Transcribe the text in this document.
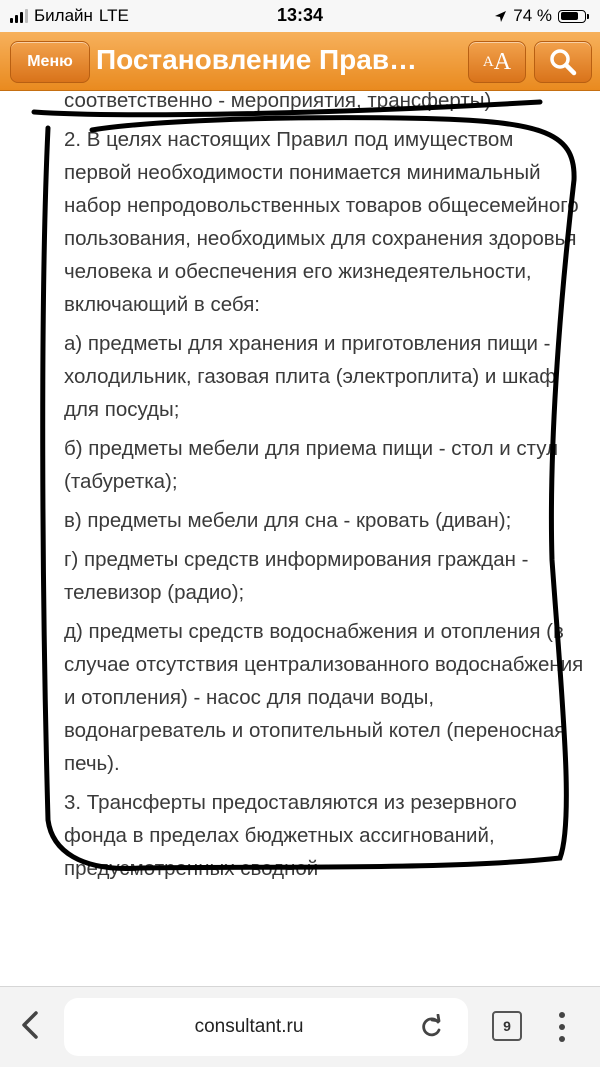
Билайн LTE	13:34	74 %
Меню Постановление Прав…	A A

соответственно - мероприятия, трансферты).

2. В целях настоящих Правил под имуществом первой необходимости понимается минимальный набор непродовольственных товаров общесемейного пользования, необходимых для сохранения здоровья человека и обеспечения его жизнедеятельности, включающий в себя:

а) предметы для хранения и приготовления пищи - холодильник, газовая плита (электроплита) и шкаф для посуды;

б) предметы мебели для приема пищи - стол и стул (табуретка);

в) предметы мебели для сна - кровать (диван);

г) предметы средств информирования граждан - телевизор (радио);

д) предметы средств водоснабжения и отопления (в случае отсутствия централизованного водоснабжения и отопления) - насос для подачи воды, водонагреватель и отопительный котел (переносная печь).

3. Трансферты предоставляются из резервного фонда в пределах бюджетных ассигнований, предусмотренных сводной

consultant.ru	9
